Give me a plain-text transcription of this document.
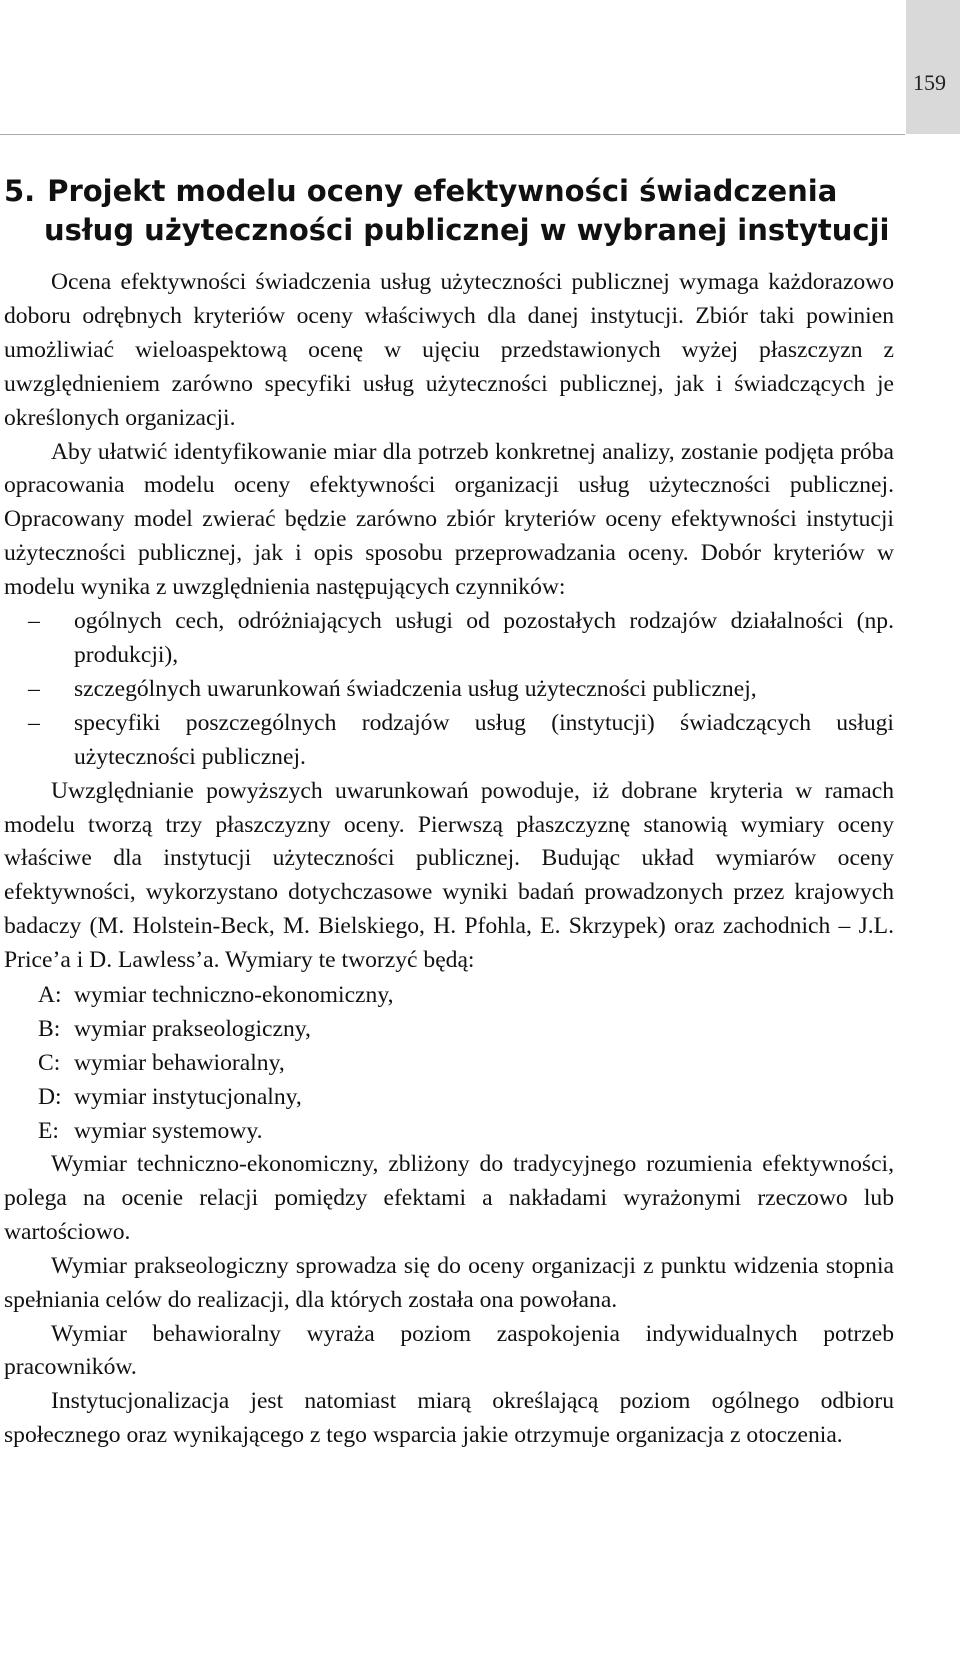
159
5. Projekt modelu oceny efektywności świadczenia usług użyteczności publicznej w wybranej instytucji

Ocena efektywności świadczenia usług użyteczności publicznej wymaga każdorazowo doboru odrębnych kryteriów oceny właściwych dla danej instytucji. Zbiór taki powinien umożliwiać wieloaspektową ocenę w ujęciu przedstawionych wyżej płaszczyzn z uwzględnieniem zarówno specyfiki usług użyteczności publicznej, jak i świadczących je określonych organizacji.

Aby ułatwić identyfikowanie miar dla potrzeb konkretnej analizy, zostanie podjęta próba opracowania modelu oceny efektywności organizacji usług użyteczności publicznej. Opracowany model zwierać będzie zarówno zbiór kryteriów oceny efektywności instytucji użyteczności publicznej, jak i opis sposobu przeprowadzania oceny. Dobór kryteriów w modelu wynika z uwzględnienia następujących czynników:

– ogólnych cech, odróżniających usługi od pozostałych rodzajów działalności (np. produkcji),
– szczególnych uwarunkowań świadczenia usług użyteczności publicznej,
– specyfiki poszczególnych rodzajów usług (instytucji) świadczących usługi użyteczności publicznej.

Uwzględnianie powyższych uwarunkowań powoduje, iż dobrane kryteria w ramach modelu tworzą trzy płaszczyzny oceny. Pierwszą płaszczyznę stanowią wymiary oceny właściwe dla instytucji użyteczności publicznej. Budując układ wymiarów oceny efektywności, wykorzystano dotychczasowe wyniki badań prowadzonych przez krajowych badaczy (M. Holstein-Beck, M. Bielskiego, H. Pfohla, E. Skrzypek) oraz zachodnich – J.L. Price’a i D. Lawless’a. Wymiary te tworzyć będą:

A: wymiar techniczno-ekonomiczny,
B: wymiar prakseologiczny,
C: wymiar behawioralny,
D: wymiar instytucjonalny,
E: wymiar systemowy.

Wymiar techniczno-ekonomiczny, zbliżony do tradycyjnego rozumienia efektywności, polega na ocenie relacji pomiędzy efektami a nakładami wyrażonymi rzeczowo lub wartościowo.

Wymiar prakseologiczny sprowadza się do oceny organizacji z punktu widzenia stopnia spełniania celów do realizacji, dla których została ona powołana.

Wymiar behawioralny wyraża poziom zaspokojenia indywidualnych potrzeb pracowników.

Instytucjonalizacja jest natomiast miarą określającą poziom ogólnego odbioru społecznego oraz wynikającego z tego wsparcia jakie otrzymuje organizacja z otoczenia.
